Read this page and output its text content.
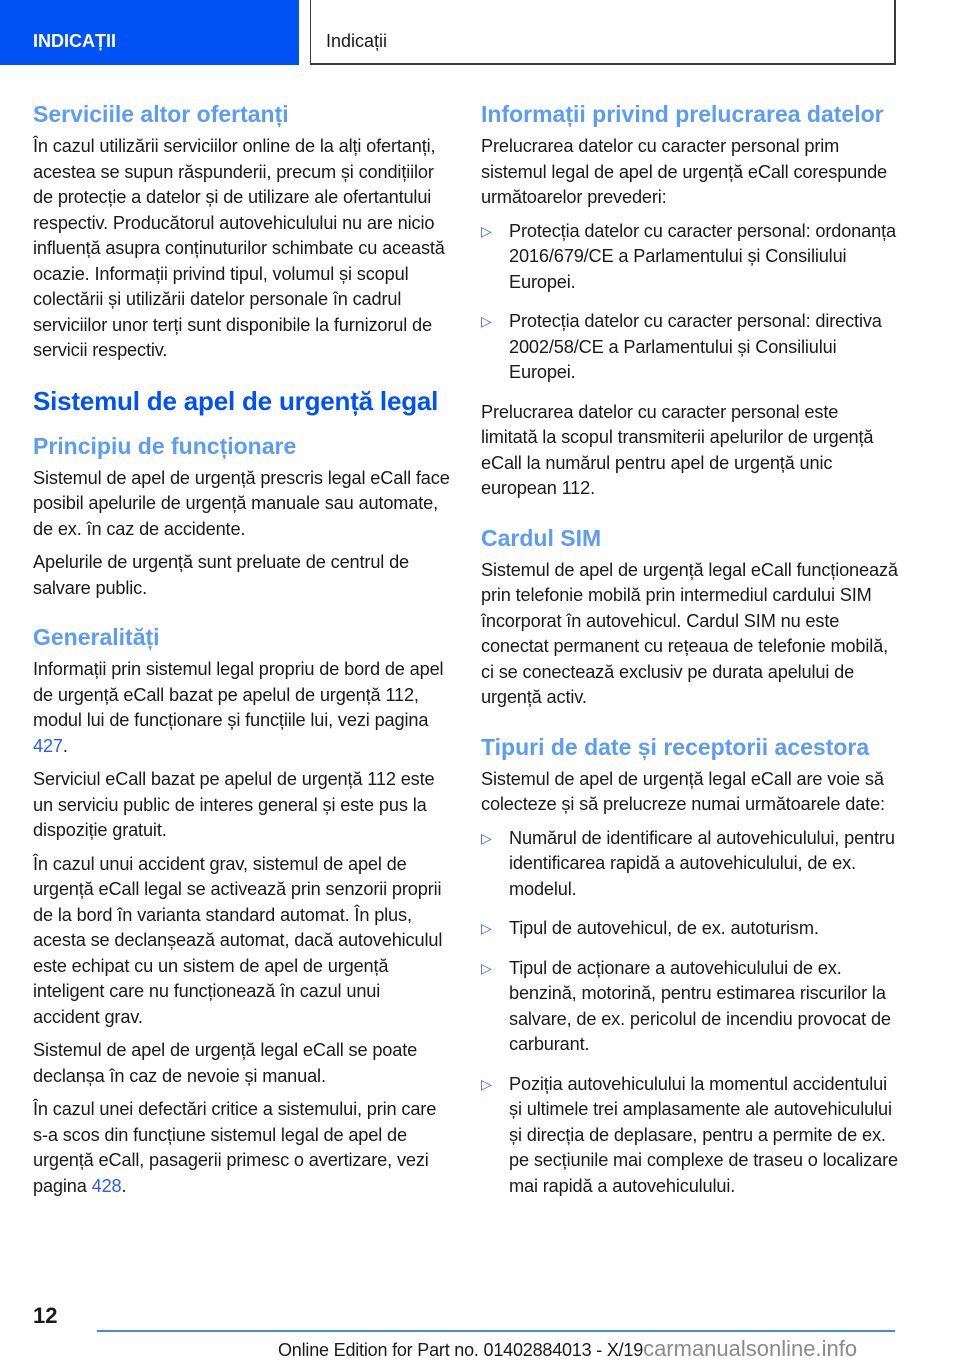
INDICAȚII	Indicații
Serviciile altor ofertanți

În cazul utilizării serviciilor online de la alți ofertanți, acestea se supun răspunderii, precum și condițiilor de protecție a datelor și de utilizare ale ofertantului respectiv. Producătorul autovehiculului nu are nicio influență asupra conținuturilor schimbate cu această ocazie. Informații privind tipul, volumul și scopul colectării și utilizării datelor personale în cadrul serviciilor unor terți sunt disponibile la furnizorul de servicii respectiv.

Sistemul de apel de urgență legal
Principiu de funcționare

Sistemul de apel de urgență prescris legal eCall face posibil apelurile de urgență manuale sau automate, de ex. în caz de accidente.

Apelurile de urgență sunt preluate de centrul de salvare public.

Generalități

Informații prin sistemul legal propriu de bord de apel de urgență eCall bazat pe apelul de urgență 112, modul lui de funcționare și funcțiile lui, vezi pagina 427.

Serviciul eCall bazat pe apelul de urgență 112 este un serviciu public de interes general și este pus la dispoziție gratuit.

În cazul unui accident grav, sistemul de apel de urgență eCall legal se activează prin senzorii proprii de la bord în varianta standard automat. În plus, acesta se declanșează automat, dacă autovehiculul este echipat cu un sistem de apel de urgență inteligent care nu funcționează în cazul unui accident grav.

Sistemul de apel de urgență legal eCall se poate declanșa în caz de nevoie și manual.

În cazul unei defectări critice a sistemului, prin care s-a scos din funcțiune sistemul legal de apel de urgență eCall, pasagerii primesc o avertizare, vezi pagina 428.

Informații privind prelucrarea datelor

Prelucrarea datelor cu caracter personal prim sistemul legal de apel de urgență eCall corespunde următoarelor prevederi:

▷ Protecția datelor cu caracter personal: ordonanța 2016/679/CE a Parlamentului și Consiliului Europei.
▷ Protecția datelor cu caracter personal: directiva 2002/58/CE a Parlamentului și Consiliului Europei.

Prelucrarea datelor cu caracter personal este limitată la scopul transmiterii apelurilor de urgență eCall la numărul pentru apel de urgență unic european 112.

Cardul SIM

Sistemul de apel de urgență legal eCall funcționează prin telefonie mobilă prin intermediul cardului SIM încorporat în autovehicul. Cardul SIM nu este conectat permanent cu rețeaua de telefonie mobilă, ci se conectează exclusiv pe durata apelului de urgență activ.

Tipuri de date și receptorii acestora

Sistemul de apel de urgență legal eCall are voie să colecteze și să prelucreze numai următoarele date:

▷ Numărul de identificare al autovehiculului, pentru identificarea rapidă a autovehiculului, de ex. modelul.
▷ Tipul de autovehicul, de ex. autoturism.
▷ Tipul de acționare a autovehiculului de ex. benzină, motorină, pentru estimarea riscurilor la salvare, de ex. pericolul de incendiu provocat de carburant.
▷ Poziția autovehiculului la momentul accidentului și ultimele trei amplasamente ale autovehiculului și direcția de deplasare, pentru a permite de ex. pe secțiunile mai complexe de traseu o localizare mai rapidă a autovehiculului.
12
Online Edition for Part no. 01402884013 - X/19carmanualsonline.info
